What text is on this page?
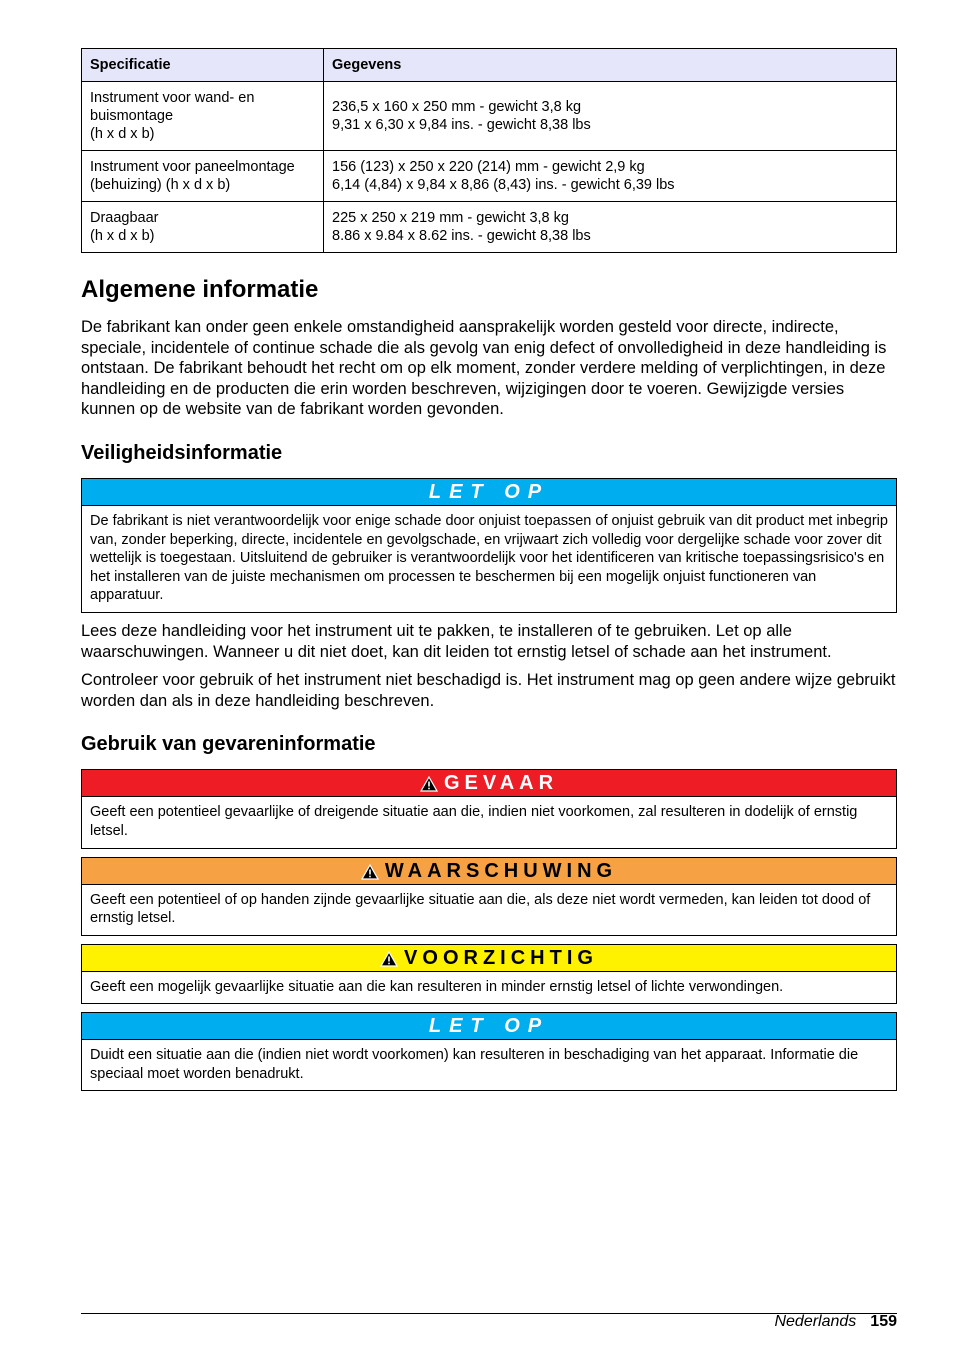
Specificatie	Gegevens

Instrument voor wand- en
buismontage
(h x d x b)	236,5 x 160 x 250 mm - gewicht 3,8 kg
9,31 x 6,30 x 9,84 ins. - gewicht 8,38 lbs

Instrument voor paneelmontage
(behuizing) (h x d x b)	156 (123) x 250 x 220 (214) mm - gewicht 2,9 kg
6,14 (4,84) x 9,84 x 8,86 (8,43) ins. - gewicht 6,39 lbs

Draagbaar
(h x d x b)	225 x 250 x 219 mm - gewicht 3,8 kg
8.86 x 9.84 x 8.62 ins. - gewicht 8,38 lbs
Algemene informatie

De fabrikant kan onder geen enkele omstandigheid aansprakelijk worden gesteld voor directe, indirecte, speciale, incidentele of continue schade die als gevolg van enig defect of onvolledigheid in deze handleiding is ontstaan. De fabrikant behoudt het recht om op elk moment, zonder verdere melding of verplichtingen, in deze handleiding en de producten die erin worden beschreven, wijzigingen door te voeren. Gewijzigde versies kunnen op de website van de fabrikant worden gevonden.

Veiligheidsinformatie
LET OP
De fabrikant is niet verantwoordelijk voor enige schade door onjuist toepassen of onjuist gebruik van dit product met inbegrip van, zonder beperking, directe, incidentele en gevolgschade, en vrijwaart zich volledig voor dergelijke schade voor zover dit wettelijk is toegestaan. Uitsluitend de gebruiker is verantwoordelijk voor het identificeren van kritische toepassingsrisico's en het installeren van de juiste mechanismen om processen te beschermen bij een mogelijk onjuist functioneren van apparatuur.

Lees deze handleiding voor het instrument uit te pakken, te installeren of te gebruiken. Let op alle waarschuwingen. Wanneer u dit niet doet, kan dit leiden tot ernstig letsel of schade aan het instrument.

Controleer voor gebruik of het instrument niet beschadigd is. Het instrument mag op geen andere wijze gebruikt worden dan als in deze handleiding beschreven.

Gebruik van gevareninformatie
GEVAAR
Geeft een potentieel gevaarlijke of dreigende situatie aan die, indien niet voorkomen, zal resulteren in dodelijk of ernstig letsel.
WAARSCHUWING
Geeft een potentieel of op handen zijnde gevaarlijke situatie aan die, als deze niet wordt vermeden, kan leiden tot dood of ernstig letsel.
VOORZICHTIG
Geeft een mogelijk gevaarlijke situatie aan die kan resulteren in minder ernstig letsel of lichte verwondingen.
LET OP
Duidt een situatie aan die (indien niet wordt voorkomen) kan resulteren in beschadiging van het apparaat. Informatie die speciaal moet worden benadrukt.
Nederlands 159
